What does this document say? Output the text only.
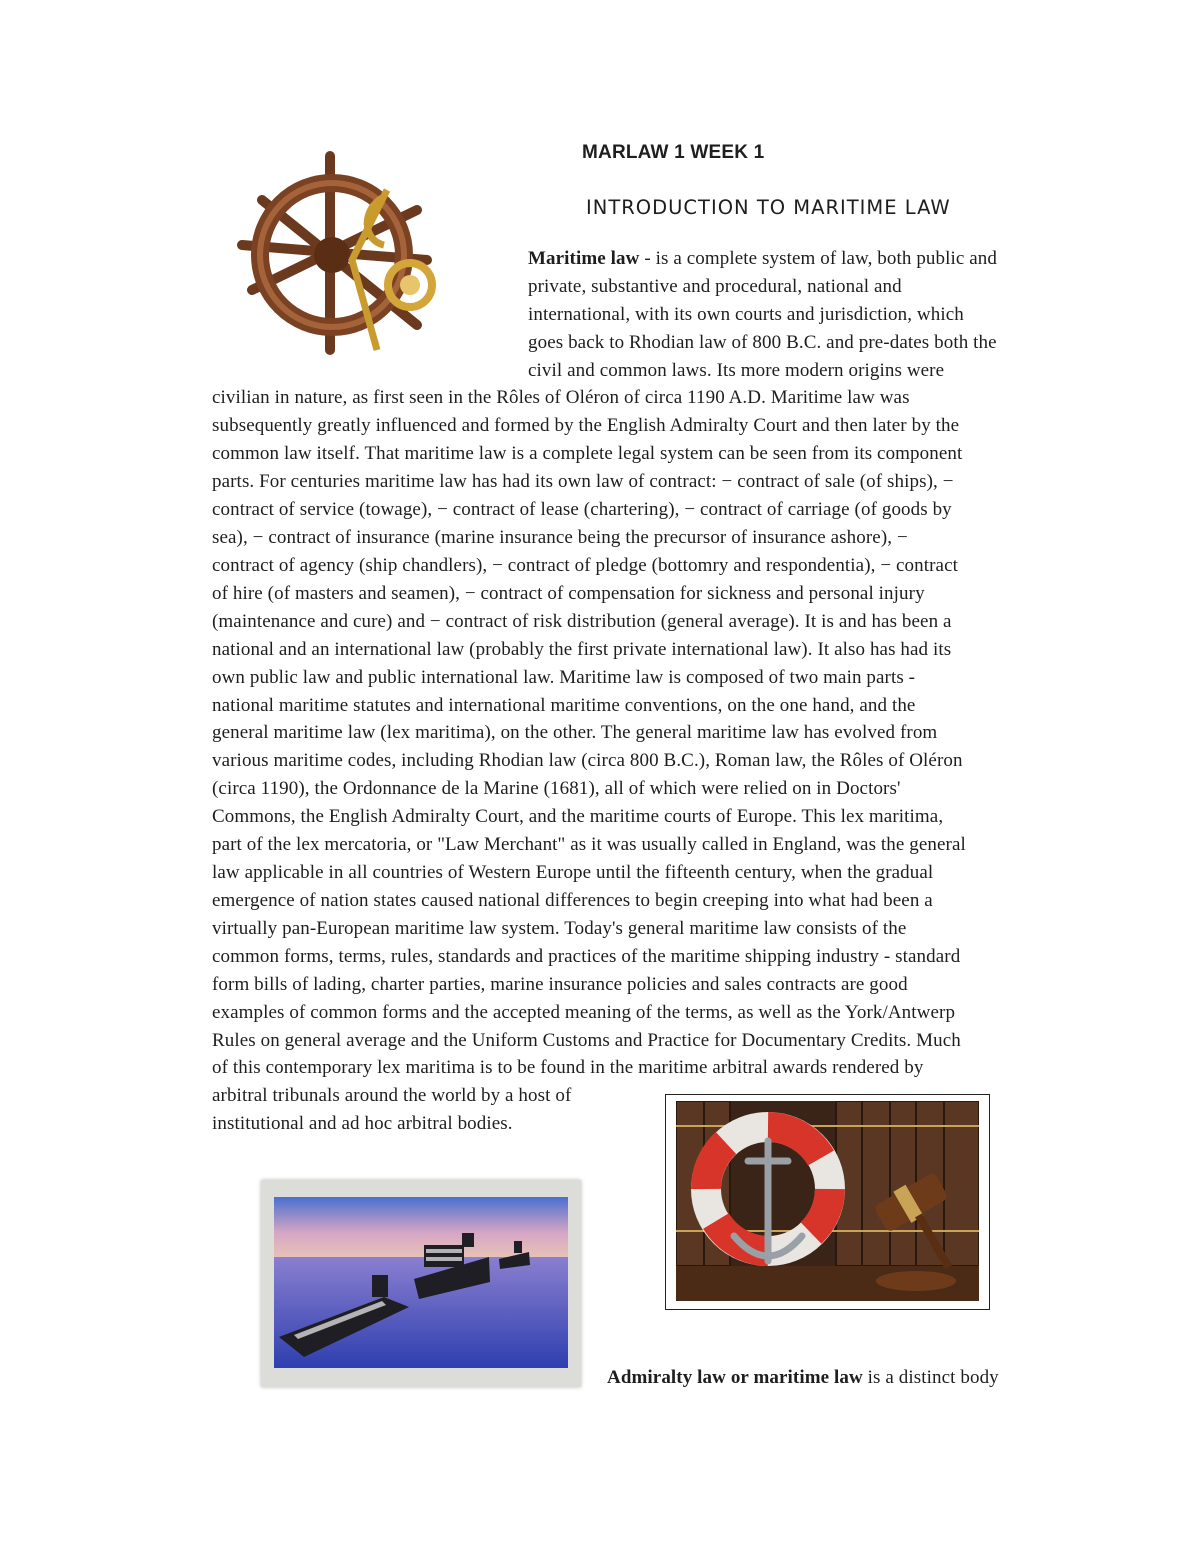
MARLAW 1 WEEK 1
INTRODUCTION TO MARITIME LAW
Maritime law - is a complete system of law, both public and
private, substantive and procedural, national and
international, with its own courts and jurisdiction, which
goes back to Rhodian law of 800 B.C. and pre-dates both the
civil and common laws. Its more modern origins were
civilian in nature, as first seen in the Rôles of Oléron of circa 1190 A.D. Maritime law was
subsequently greatly influenced and formed by the English Admiralty Court and then later by the
common law itself. That maritime law is a complete legal system can be seen from its component
parts. For centuries maritime law has had its own law of contract: − contract of sale (of ships), −
contract of service (towage), − contract of lease (chartering), − contract of carriage (of goods by
sea), − contract of insurance (marine insurance being the precursor of insurance ashore), −
contract of agency (ship chandlers), − contract of pledge (bottomry and respondentia), − contract
of hire (of masters and seamen), − contract of compensation for sickness and personal injury
(maintenance and cure) and − contract of risk distribution (general average). It is and has been a
national and an international law (probably the first private international law). It also has had its
own public law and public international law. Maritime law is composed of two main parts -
national maritime statutes and international maritime conventions, on the one hand, and the
general maritime law (lex maritima), on the other. The general maritime law has evolved from
various maritime codes, including Rhodian law (circa 800 B.C.), Roman law, the Rôles of Oléron
(circa 1190), the Ordonnance de la Marine (1681), all of which were relied on in Doctors'
Commons, the English Admiralty Court, and the maritime courts of Europe. This lex maritima,
part of the lex mercatoria, or "Law Merchant" as it was usually called in England, was the general
law applicable in all countries of Western Europe until the fifteenth century, when the gradual
emergence of nation states caused national differences to begin creeping into what had been a
virtually pan-European maritime law system. Today's general maritime law consists of the
common forms, terms, rules, standards and practices of the maritime shipping industry - standard
form bills of lading, charter parties, marine insurance policies and sales contracts are good
examples of common forms and the accepted meaning of the terms, as well as the York/Antwerp
Rules on general average and the Uniform Customs and Practice for Documentary Credits. Much
of this contemporary lex maritima is to be found in the maritime arbitral awards rendered by
arbitral tribunals around the world by a host of
institutional and ad hoc arbitral bodies.
Admiralty law or maritime law is a distinct body
